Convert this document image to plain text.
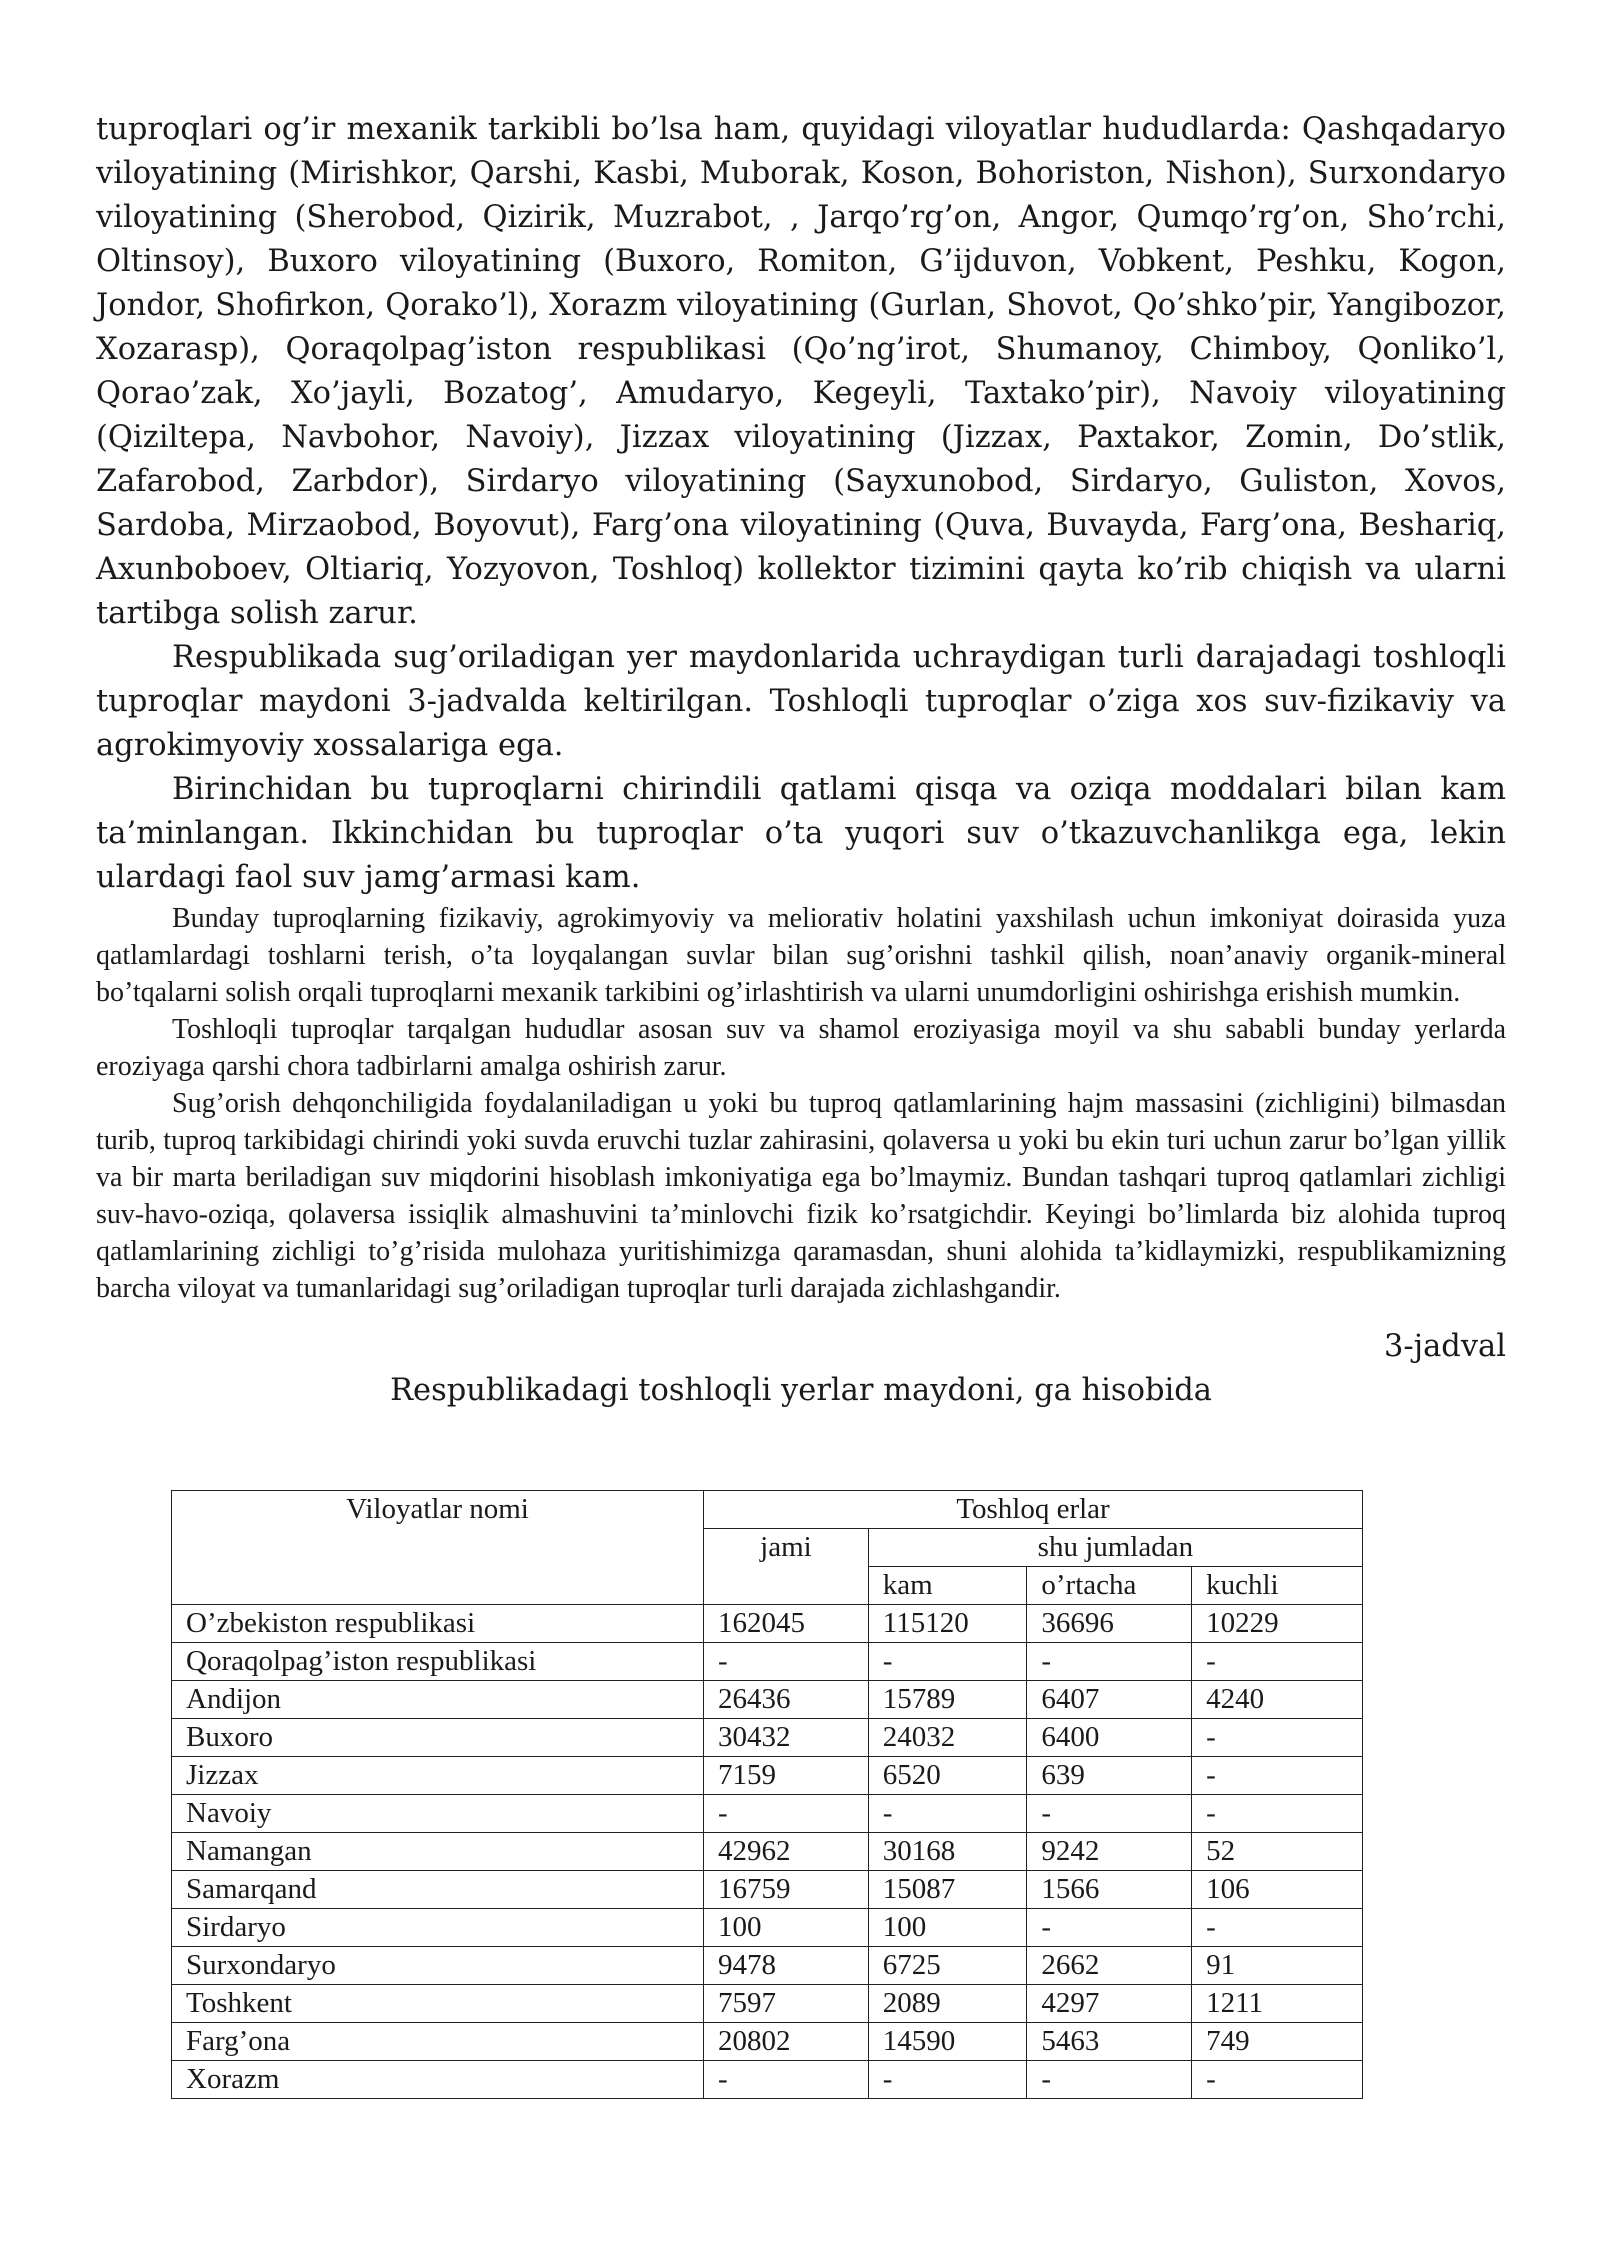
tuproqlari og’ir mexanik tarkibli bo’lsa ham, quyidagi viloyatlar hududlarda: Qashqadaryo viloyatining (Mirishkor, Qarshi, Kasbi, Muborak, Koson, Bohoriston, Nishon), Surxondaryo viloyatining (Sherobod, Qizirik, Muzrabot, , Jarqo’rg’on, Angor, Qumqo’rg’on, Sho’rchi, Oltinsoy), Buxoro viloyatining (Buxoro, Romiton, G’ijduvon, Vobkent, Peshku, Kogon, Jondor, Shofirkon, Qorako’l), Xorazm viloyatining (Gurlan, Shovot, Qo’shko’pir, Yangibozor, Xozarasp), Qoraqolpag’iston respublikasi (Qo’ng’irot, Shumanoy, Chimboy, Qonliko’l, Qorao’zak, Xo’jayli, Bozatog’, Amudaryo, Kegeyli, Taxtako’pir), Navoiy viloyatining (Qiziltepa, Navbohor, Navoiy), Jizzax viloyatining (Jizzax, Paxtakor, Zomin, Do’stlik, Zafarobod, Zarbdor), Sirdaryo viloyatining (Sayxunobod, Sirdaryo, Guliston, Xovos, Sardoba, Mirzaobod, Boyovut), Farg’ona viloyatining (Quva, Buvayda, Farg’ona, Beshariq, Axunboboev, Oltiariq, Yozyovon, Toshloq) kollektor tizimini qayta ko’rib chiqish va ularni tartibga solish zarur.

Respublikada sug’oriladigan yer maydonlarida uchraydigan turli darajadagi toshloqli tuproqlar maydoni 3-jadvalda keltirilgan. Toshloqli tuproqlar o’ziga xos suv-fizikaviy va agrokimyoviy xossalariga ega.

Birinchidan bu tuproqlarni chirindili qatlami qisqa va oziqa moddalari bilan kam ta’minlangan. Ikkinchidan bu tuproqlar o’ta yuqori suv o’tkazuvchanlikga ega, lekin ulardagi faol suv jamg’armasi kam.

Bunday tuproqlarning fizikaviy, agrokimyoviy va meliorativ holatini yaxshilash uchun imkoniyat doirasida yuza qatlamlardagi toshlarni terish, o’ta loyqalangan suvlar bilan sug’orishni tashkil qilish, noan’anaviy organik-mineral bo’tqalarni solish orqali tuproqlarni mexanik tarkibini og’irlashtirish va ularni unumdorligini oshirishga erishish mumkin.

Toshloqli tuproqlar tarqalgan hududlar asosan suv va shamol eroziyasiga moyil va shu sababli bunday yerlarda eroziyaga qarshi chora tadbirlarni amalga oshirish zarur.

Sug’orish dehqonchiligida foydalaniladigan u yoki bu tuproq qatlamlarining hajm massasini (zichligini) bilmasdan turib, tuproq tarkibidagi chirindi yoki suvda eruvchi tuzlar zahirasini, qolaversa u yoki bu ekin turi uchun zarur bo’lgan yillik va bir marta beriladigan suv miqdorini hisoblash imkoniyatiga ega bo’lmaymiz. Bundan tashqari tuproq qatlamlari zichligi suv-havo-oziqa, qolaversa issiqlik almashuvini ta’minlovchi fizik ko’rsatgichdir. Keyingi bo’limlarda biz alohida tuproq qatlamlarining zichligi to’g’risida mulohaza yuritishimizga qaramasdan, shuni alohida ta’kidlaymizki, respublikamizning barcha viloyat va tumanlaridagi sug’oriladigan tuproqlar turli darajada zichlashgandir.

3-jadval
Respublikadagi toshloqli yerlar maydoni, ga hisobida
Viloyatlar nomi	Toshloq erlar			
	jami	shu jumladan		
		kam	o’rtacha	kuchli
O’zbekiston respublikasi	162045	115120	36696	10229
Qoraqolpag’iston respublikasi	-	-	-	-
Andijon	26436	15789	6407	4240
Buxoro	30432	24032	6400	-
Jizzax	7159	6520	639	-
Navoiy	-	-	-	-
Namangan	42962	30168	9242	52
Samarqand	16759	15087	1566	106
Sirdaryo	100	100	-	-
Surxondaryo	9478	6725	2662	91
Toshkent	7597	2089	4297	1211
Farg’ona	20802	14590	5463	749
Xorazm	-	-	-	-
